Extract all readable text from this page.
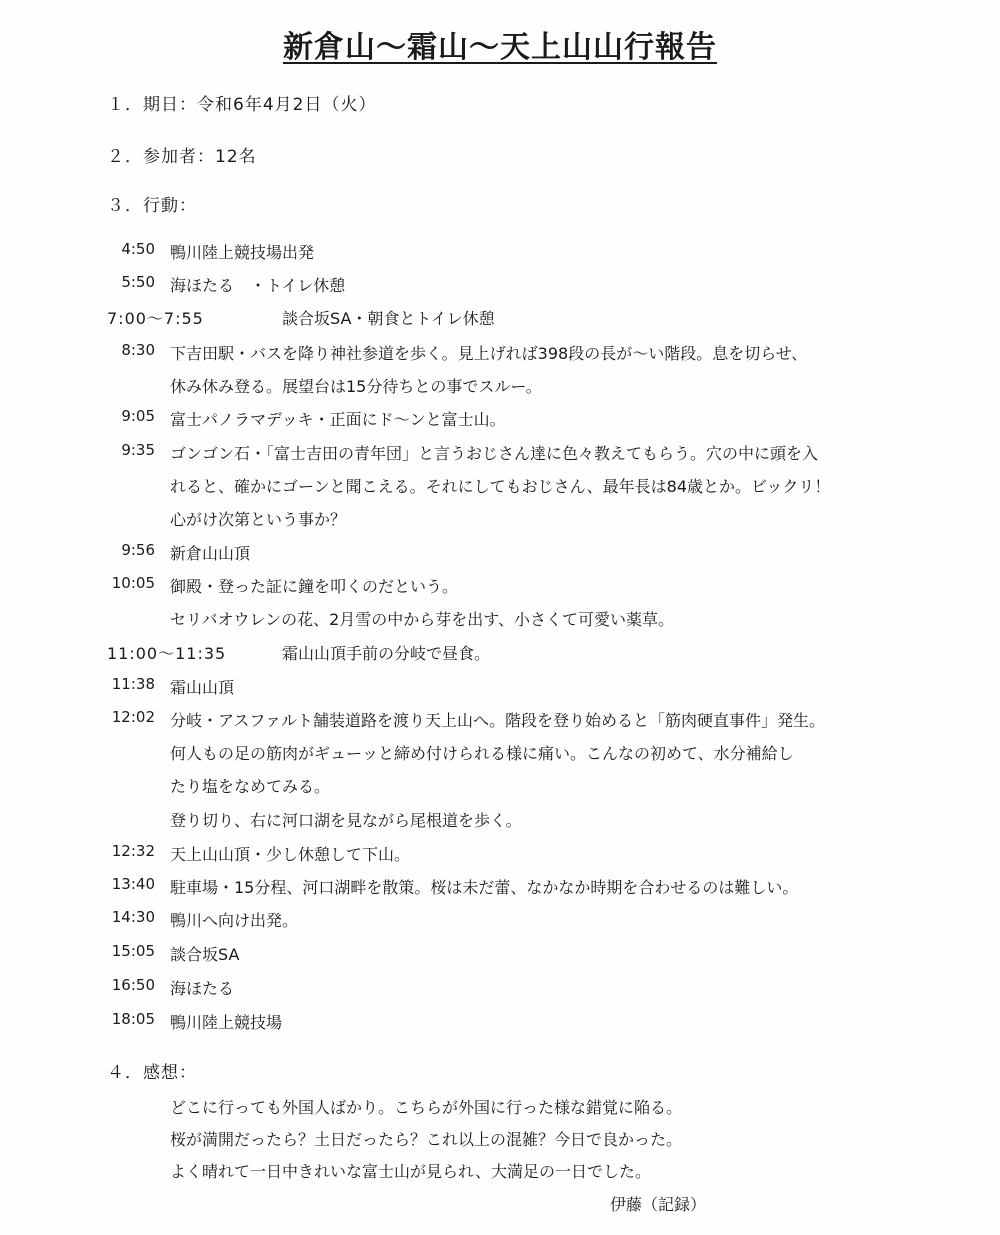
新倉山〜霜山〜天上山山行報告
１．期日：令和6年4月2日（火）
２．参加者：12名
３．行動：
4:50 鴨川陸上競技場出発
5:50 海ほたる　・トイレ休憩
7:00〜7:55	談合坂SA・朝食とトイレ休憩
8:30 下吉田駅・バスを降り神社参道を歩く。見上げれば398段の長が〜い階段。息を切らせ、
休み休み登る。展望台は15分待ちとの事でスルー。
9:05 富士パノラマデッキ・正面にド〜ンと富士山。
9:35 ゴンゴン石・「富士吉田の青年団」と言うおじさん達に色々教えてもらう。穴の中に頭を入
れると、確かにゴーンと聞こえる。それにしてもおじさん、最年長は84歳とか。ビックリ！
心がけ次第という事か？
9:56 新倉山山頂
10:05 御殿・登った証に鐘を叩くのだという。
セリバオウレンの花、2月雪の中から芽を出す、小さくて可愛い薬草。
11:00〜11:35	霜山山頂手前の分岐で昼食。
11:38 霜山山頂
12:02 分岐・アスファルト舗装道路を渡り天上山へ。階段を登り始めると「筋肉硬直事件」発生。
何人もの足の筋肉がギューッと締め付けられる様に痛い。こんなの初めて、水分補給し
たり塩をなめてみる。
登り切り、右に河口湖を見ながら尾根道を歩く。
12:32 天上山山頂・少し休憩して下山。
13:40 駐車場・15分程、河口湖畔を散策。桜は未だ蕾、なかなか時期を合わせるのは難しい。
14:30 鴨川へ向け出発。
15:05 談合坂SA
16:50 海ほたる
18:05 鴨川陸上競技場
４．感想：
どこに行っても外国人ばかり。こちらが外国に行った様な錯覚に陥る。
桜が満開だったら？土日だったら？これ以上の混雑？今日で良かった。
よく晴れて一日中きれいな富士山が見られ、大満足の一日でした。
伊藤（記録）
